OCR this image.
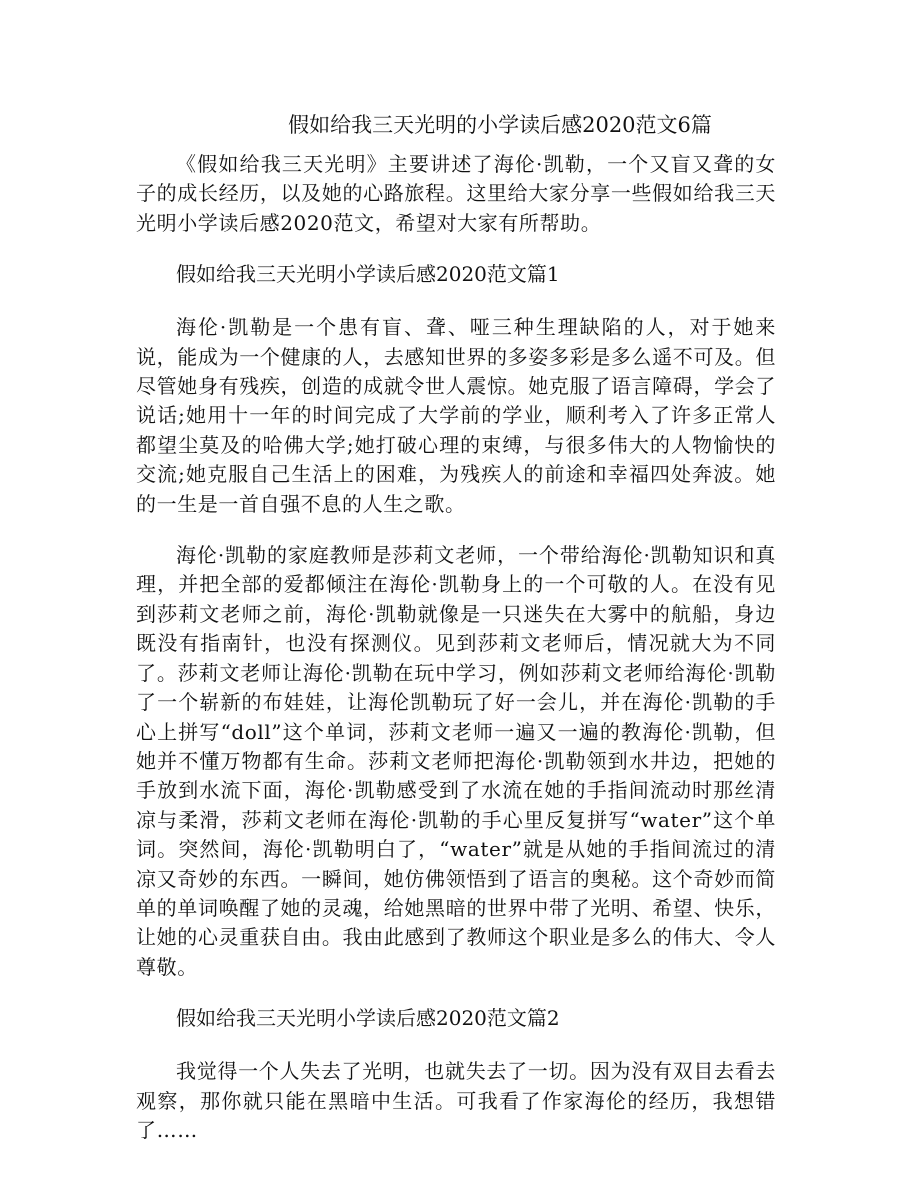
假如给我三天光明的小学读后感2020范文6篇

《假如给我三天光明》主要讲述了海伦·凯勒，一个又盲又聋的女子的成长经历，以及她的心路旅程。这里给大家分享一些假如给我三天光明小学读后感2020范文，希望对大家有所帮助。

假如给我三天光明小学读后感2020范文篇1

海伦·凯勒是一个患有盲、聋、哑三种生理缺陷的人，对于她来说，能成为一个健康的人，去感知世界的多姿多彩是多么遥不可及。但尽管她身有残疾，创造的成就令世人震惊。她克服了语言障碍，学会了说话;她用十一年的时间完成了大学前的学业，顺利考入了许多正常人都望尘莫及的哈佛大学;她打破心理的束缚，与很多伟大的人物愉快的交流;她克服自己生活上的困难，为残疾人的前途和幸福四处奔波。她的一生是一首自强不息的人生之歌。

海伦·凯勒的家庭教师是莎莉文老师，一个带给海伦·凯勒知识和真理，并把全部的爱都倾注在海伦·凯勒身上的一个可敬的人。在没有见到莎莉文老师之前，海伦·凯勒就像是一只迷失在大雾中的航船，身边既没有指南针，也没有探测仪。见到莎莉文老师后，情况就大为不同了。莎莉文老师让海伦·凯勒在玩中学习，例如莎莉文老师给海伦·凯勒了一个崭新的布娃娃，让海伦凯勒玩了好一会儿，并在海伦·凯勒的手心上拼写“doll”这个单词，莎莉文老师一遍又一遍的教海伦·凯勒，但她并不懂万物都有生命。莎莉文老师把海伦·凯勒领到水井边，把她的手放到水流下面，海伦·凯勒感受到了水流在她的手指间流动时那丝清凉与柔滑，莎莉文老师在海伦·凯勒的手心里反复拼写“water”这个单词。突然间，海伦·凯勒明白了，“water”就是从她的手指间流过的清凉又奇妙的东西。一瞬间，她仿佛领悟到了语言的奥秘。这个奇妙而简单的单词唤醒了她的灵魂，给她黑暗的世界中带了光明、希望、快乐，让她的心灵重获自由。我由此感到了教师这个职业是多么的伟大、令人尊敬。

假如给我三天光明小学读后感2020范文篇2

我觉得一个人失去了光明，也就失去了一切。因为没有双目去看去观察，那你就只能在黑暗中生活。可我看了作家海伦的经历，我想错了……
